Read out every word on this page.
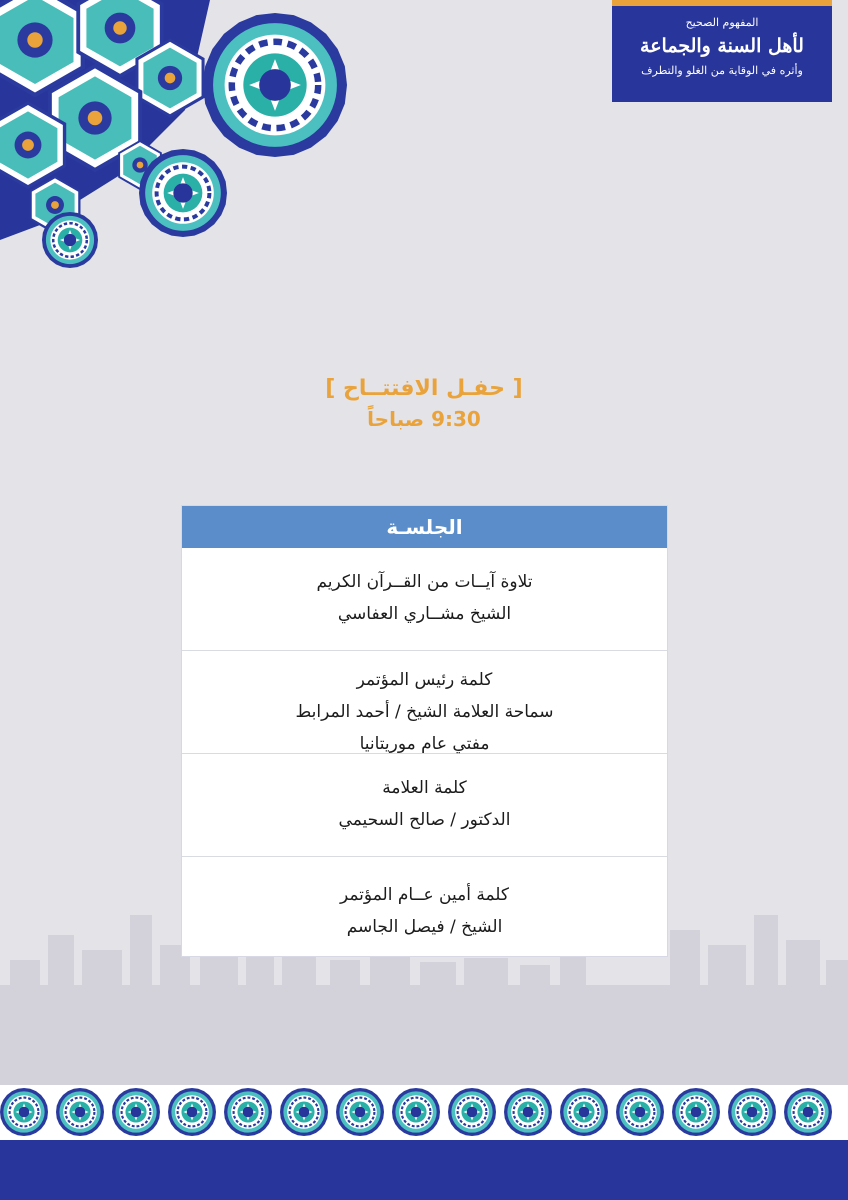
المفهوم الصحيح
لأهل السنة والجماعة
وأثره في الوقاية من الغلو والتطرف
[ حفـل الافتتــاح ]
9:30 صباحاً
الجلسـة
تلاوة آيــات من القــرآن الكريم
الشيخ مشــاري العفاسي
كلمة رئيس المؤتمر
سماحة العلامة الشيخ / أحمد المرابط
مفتي عام موريتانيا
كلمة العلامة
الدكتور / صالح السحيمي
كلمة أمين عــام المؤتمر
الشيخ / فيصل الجاسم
